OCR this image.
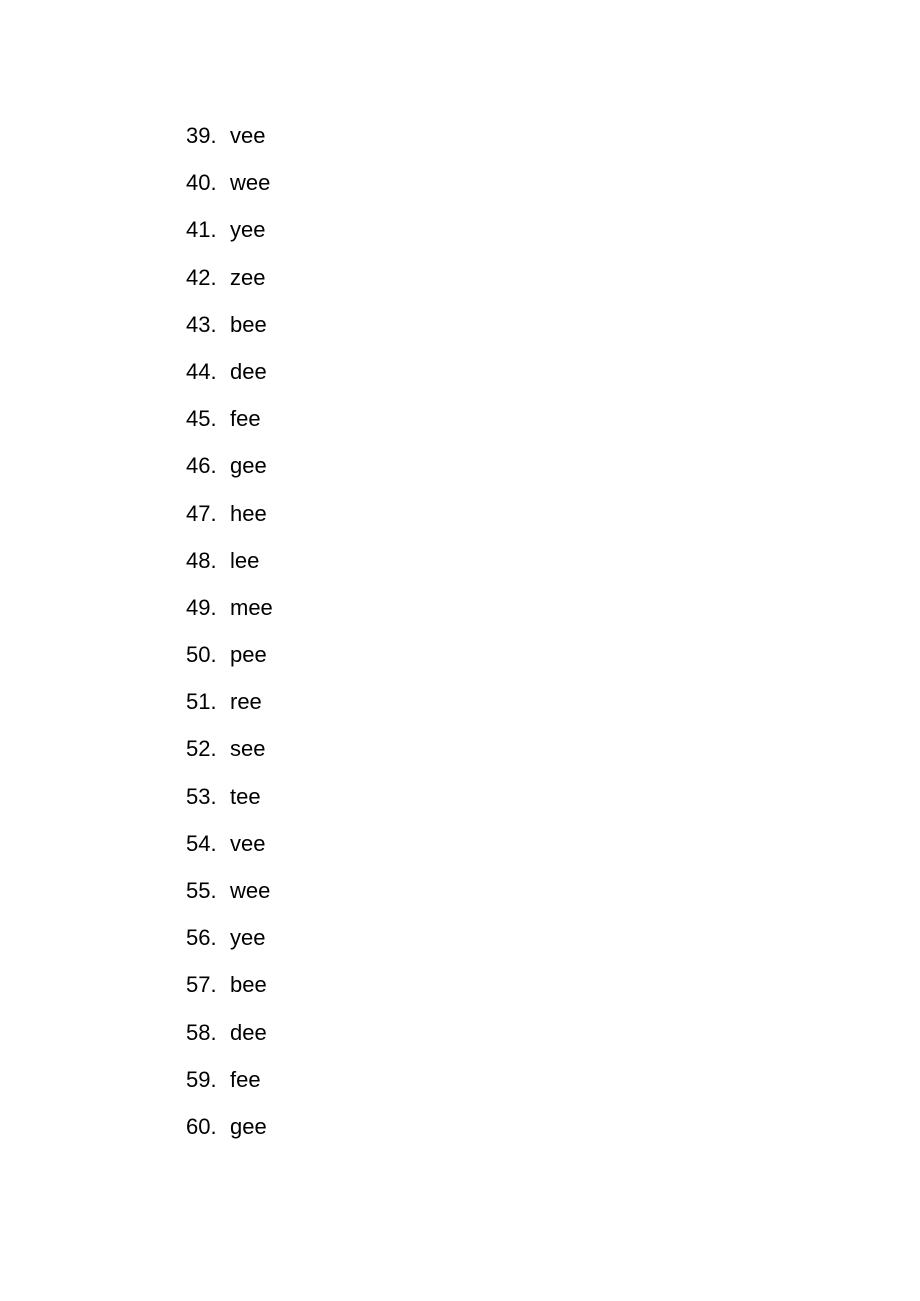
39. vee
40. wee
41. yee
42. zee
43. bee
44. dee
45. fee
46. gee
47. hee
48. lee
49. mee
50. pee
51. ree
52. see
53. tee
54. vee
55. wee
56. yee
57. bee
58. dee
59. fee
60. gee
